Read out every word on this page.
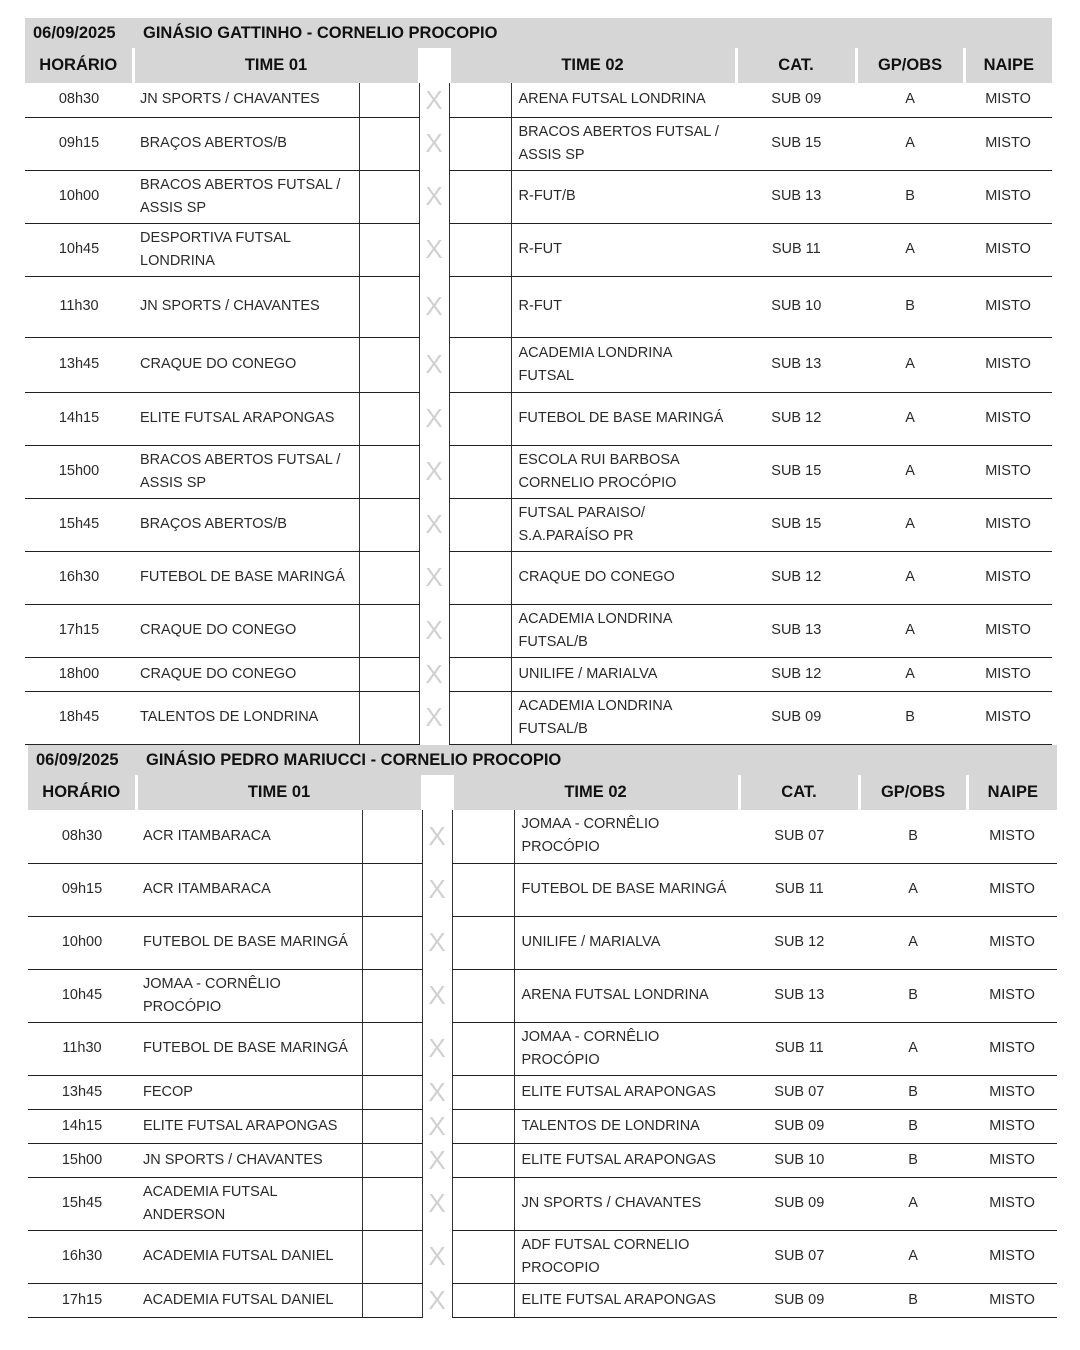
06/09/2025	GINÁSIO GATTINHO - CORNELIO PROCOPIO
HORÁRIO	TIME 01			TIME 02		CAT.	GP/OBS	NAIPE
08h30	JN SPORTS / CHAVANTES		X		ARENA FUTSAL LONDRINA	SUB 09	A	MISTO
09h15	BRAÇOS ABERTOS/B		X		BRACOS ABERTOS FUTSAL / ASSIS SP	SUB 15	A	MISTO
10h00	BRACOS ABERTOS FUTSAL / ASSIS SP		X		R-FUT/B	SUB 13	B	MISTO
10h45	DESPORTIVA FUTSAL LONDRINA		X		R-FUT	SUB 11	A	MISTO
11h30	JN SPORTS / CHAVANTES		X		R-FUT	SUB 10	B	MISTO
13h45	CRAQUE DO CONEGO		X		ACADEMIA LONDRINA FUTSAL	SUB 13	A	MISTO
14h15	ELITE FUTSAL ARAPONGAS		X		FUTEBOL DE BASE MARINGÁ	SUB 12	A	MISTO
15h00	BRACOS ABERTOS FUTSAL / ASSIS SP		X		ESCOLA RUI BARBOSA CORNELIO PROCÓPIO	SUB 15	A	MISTO
15h45	BRAÇOS ABERTOS/B		X		FUTSAL PARAISO/ S.A.PARAÍSO PR	SUB 15	A	MISTO
16h30	FUTEBOL DE BASE MARINGÁ		X		CRAQUE DO CONEGO	SUB 12	A	MISTO
17h15	CRAQUE DO CONEGO		X		ACADEMIA LONDRINA FUTSAL/B	SUB 13	A	MISTO
18h00	CRAQUE DO CONEGO		X		UNILIFE / MARIALVA	SUB 12	A	MISTO
18h45	TALENTOS DE LONDRINA		X		ACADEMIA LONDRINA FUTSAL/B	SUB 09	B	MISTO
06/09/2025	GINÁSIO PEDRO MARIUCCI - CORNELIO PROCOPIO
HORÁRIO	TIME 01			TIME 02		CAT.	GP/OBS	NAIPE
08h30	ACR ITAMBARACA		X		JOMAA - CORNÊLIO PROCÓPIO	SUB 07	B	MISTO
09h15	ACR ITAMBARACA		X		FUTEBOL DE BASE MARINGÁ	SUB 11	A	MISTO
10h00	FUTEBOL DE BASE MARINGÁ		X		UNILIFE / MARIALVA	SUB 12	A	MISTO
10h45	JOMAA - CORNÊLIO PROCÓPIO		X		ARENA FUTSAL LONDRINA	SUB 13	B	MISTO
11h30	FUTEBOL DE BASE MARINGÁ		X		JOMAA - CORNÊLIO PROCÓPIO	SUB 11	A	MISTO
13h45	FECOP		X		ELITE FUTSAL ARAPONGAS	SUB 07	B	MISTO
14h15	ELITE FUTSAL ARAPONGAS		X		TALENTOS DE LONDRINA	SUB 09	B	MISTO
15h00	JN SPORTS / CHAVANTES		X		ELITE FUTSAL ARAPONGAS	SUB 10	B	MISTO
15h45	ACADEMIA FUTSAL ANDERSON		X		JN SPORTS / CHAVANTES	SUB 09	A	MISTO
16h30	ACADEMIA FUTSAL DANIEL		X		ADF FUTSAL CORNELIO PROCOPIO	SUB 07	A	MISTO
17h15	ACADEMIA FUTSAL DANIEL		X		ELITE FUTSAL ARAPONGAS	SUB 09	B	MISTO
